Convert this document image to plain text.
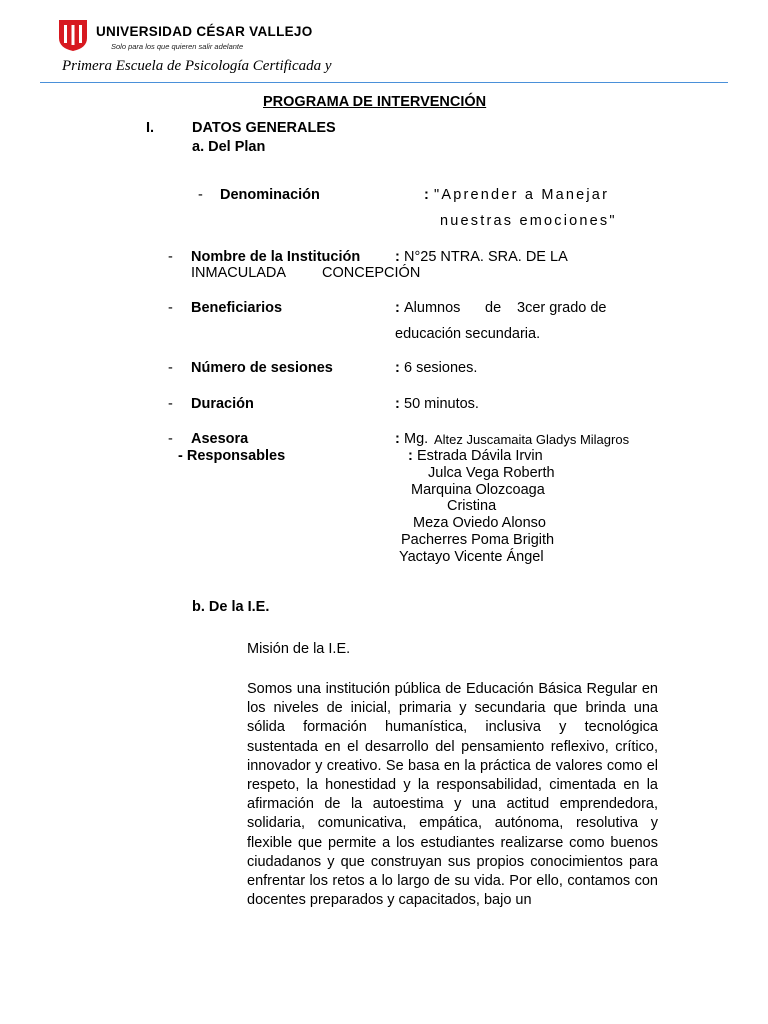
UNIVERSIDAD CÉSAR VALLEJO
Solo para los que quieren salir adelante
Primera Escuela de Psicología Certificada y
PROGRAMA DE INTERVENCIÓN
I.	DATOS GENERALES
a. Del Plan
- Denominación	: "Aprender a Manejar
nuestras emociones"
- Nombre de la Institución : N°25 NTRA. SRA. DE LA
INMACULADA CONCEPCIÓN
- Beneficiarios	: Alumnos de 3cer grado de
educación secundaria.
- Número de sesiones	: 6 sesiones.
- Duración	: 50 minutos.
- Asesora	: Mg. Altez Juscamaita Gladys Milagros
- Responsables	: Estrada Dávila Irvin
Julca Vega Roberth
Marquina Olozcoaga
Cristina
Meza Oviedo Alonso
Pacherres Poma Brigith
Yactayo Vicente Ángel
b. De la I.E.
Misión de la I.E.
Somos una institución pública de Educación Básica Regular en los niveles de inicial, primaria y secundaria que brinda una sólida formación humanística, inclusiva y tecnológica sustentada en el desarrollo del pensamiento reflexivo, crítico, innovador y creativo. Se basa en la práctica de valores como el respeto, la honestidad y la responsabilidad, cimentada en la afirmación de la autoestima y una actitud emprendedora, solidaria, comunicativa, empática, autónoma, resolutiva y flexible que permite a los estudiantes realizarse como buenos ciudadanos y que construyan sus propios conocimientos para enfrentar los retos a lo largo de su vida. Por ello, contamos con docentes preparados y capacitados, bajo un
